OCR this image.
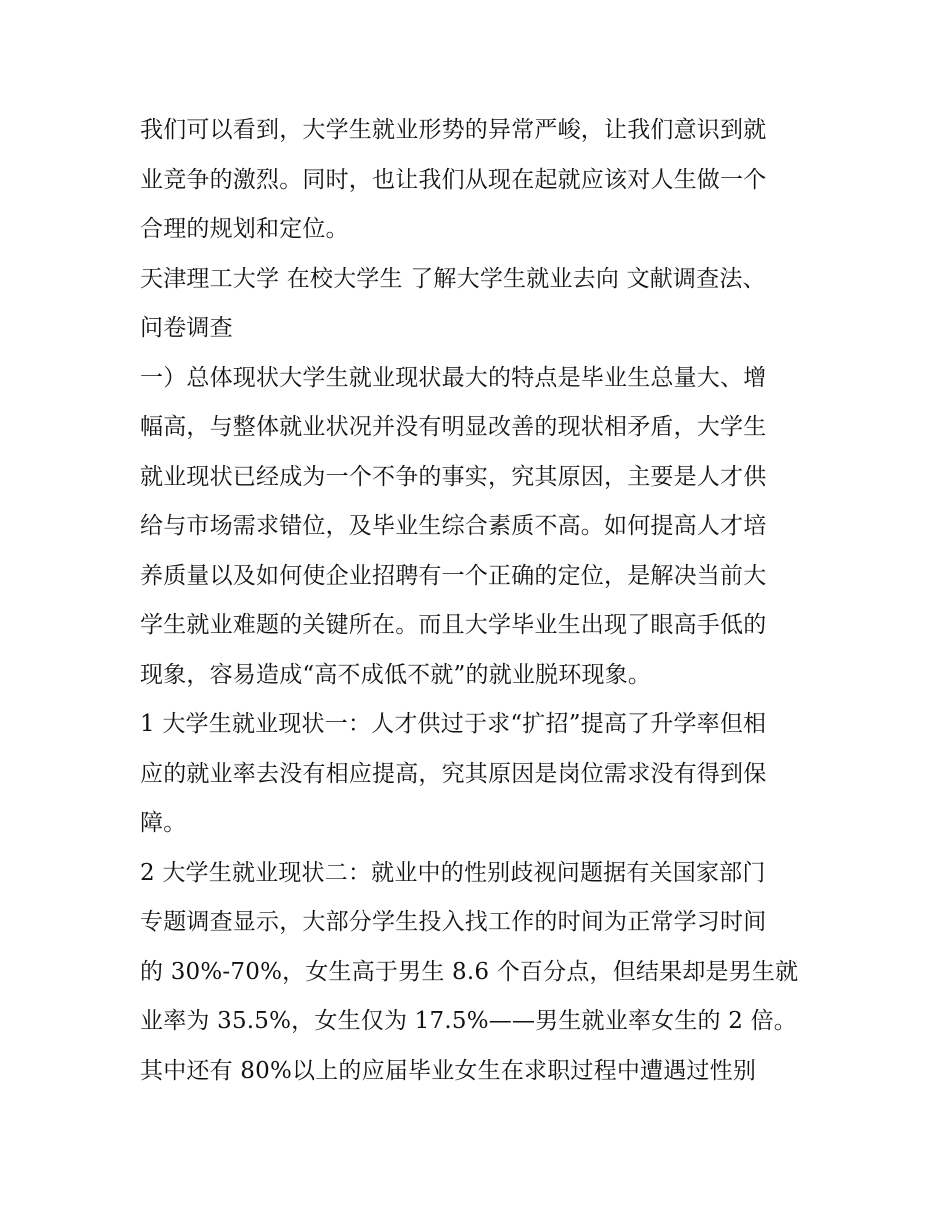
我们可以看到，大学生就业形势的异常严峻，让我们意识到就
业竞争的激烈。同时，也让我们从现在起就应该对人生做一个
合理的规划和定位。
天津理工大学 在校大学生 了解大学生就业去向 文献调查法、
问卷调查
一）总体现状大学生就业现状最大的特点是毕业生总量大、增
幅高，与整体就业状况并没有明显改善的现状相矛盾，大学生
就业现状已经成为一个不争的事实，究其原因，主要是人才供
给与市场需求错位，及毕业生综合素质不高。如何提高人才培
养质量以及如何使企业招聘有一个正确的定位，是解决当前大
学生就业难题的关键所在。而且大学毕业生出现了眼高手低的
现象，容易造成“高不成低不就”的就业脱环现象。
1 大学生就业现状一：人才供过于求“扩招”提高了升学率但相
应的就业率去没有相应提高，究其原因是岗位需求没有得到保
障。
2 大学生就业现状二：就业中的性别歧视问题据有关国家部门
专题调查显示，大部分学生投入找工作的时间为正常学习时间
的 30%-70%，女生高于男生 8.6 个百分点，但结果却是男生就
业率为 35.5%，女生仅为 17.5%——男生就业率女生的 2 倍。
其中还有 80%以上的应届毕业女生在求职过程中遭遇过性别
